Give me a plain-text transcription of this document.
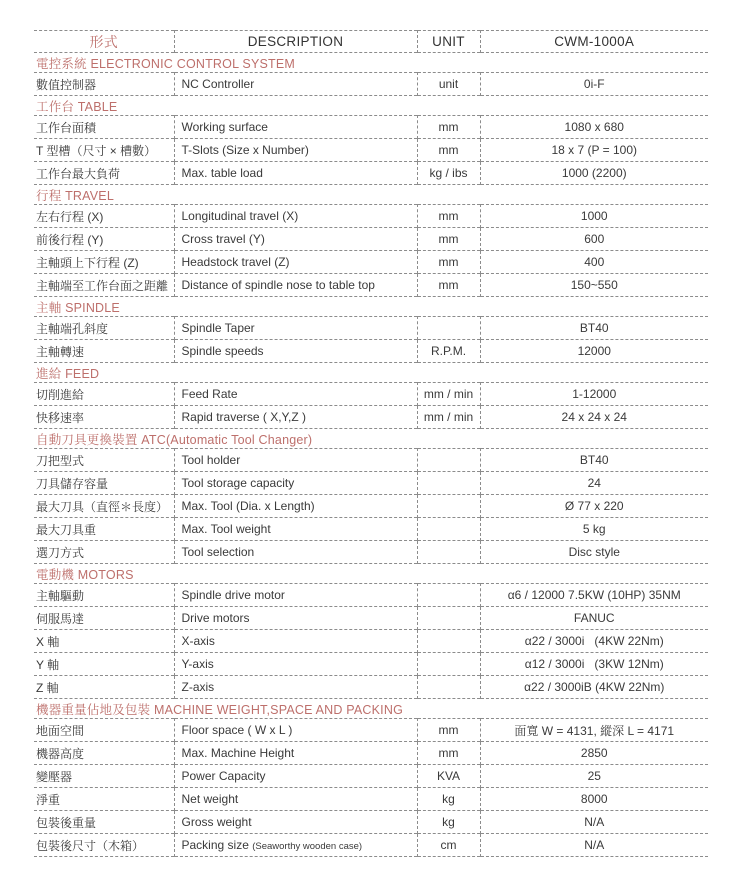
形式	DESCRIPTION	UNIT	CWM-1000A
電控系統 ELECTRONIC CONTROL SYSTEM			
數值控制器	NC Controller	unit	0i-F
工作台 TABLE			
工作台面積	Working surface	mm	1080 x 680
T 型槽（尺寸 × 槽數）	T-Slots (Size x Number)	mm	18 x 7 (P = 100)
工作台最大負荷	Max. table load	kg / ibs	1000 (2200)
行程 TRAVEL			
左右行程 (X)	Longitudinal travel (X)	mm	1000
前後行程 (Y)	Cross travel (Y)	mm	600
主軸頭上下行程 (Z)	Headstock travel (Z)	mm	400
主軸端至工作台面之距離	Distance of spindle nose to table top	mm	150~550
主軸 SPINDLE			
主軸端孔斜度	Spindle Taper		BT40
主軸轉速	Spindle speeds	R.P.M.	12000
進給 FEED			
切削進給	Feed Rate	mm / min	1-12000
快移速率	Rapid traverse ( X,Y,Z )	mm / min	24 x 24 x 24
自動刀具更換裝置 ATC(Automatic Tool Changer)			
刀把型式	Tool holder		BT40
刀具儲存容量	Tool storage capacity		24
最大刀具（直徑＊長度）	Max. Tool (Dia. x Length)		Ø 77 x 220
最大刀具重	Max. Tool weight		5 kg
選刀方式	Tool selection		Disc style
電動機 MOTORS			
主軸驅動	Spindle drive motor		α6 / 12000 7.5KW (10HP) 35NM
伺服馬達	Drive motors		FANUC
X 軸	X-axis		α22 / 3000i   (4KW 22Nm)
Y 軸	Y-axis		α12 / 3000i   (3KW 12Nm)
Z 軸	Z-axis		α22 / 3000iB (4KW 22Nm)
機器重量佔地及包裝 MACHINE WEIGHT,SPACE AND PACKING			
地面空間	Floor space ( W x L )	mm	面寬 W = 4131, 縱深 L = 4171
機器高度	Max. Machine Height	mm	2850
變壓器	Power Capacity	KVA	25
淨重	Net weight	kg	8000
包裝後重量	Gross weight	kg	N/A
包裝後尺寸（木箱）	Packing size (Seaworthy wooden case)	cm	N/A
